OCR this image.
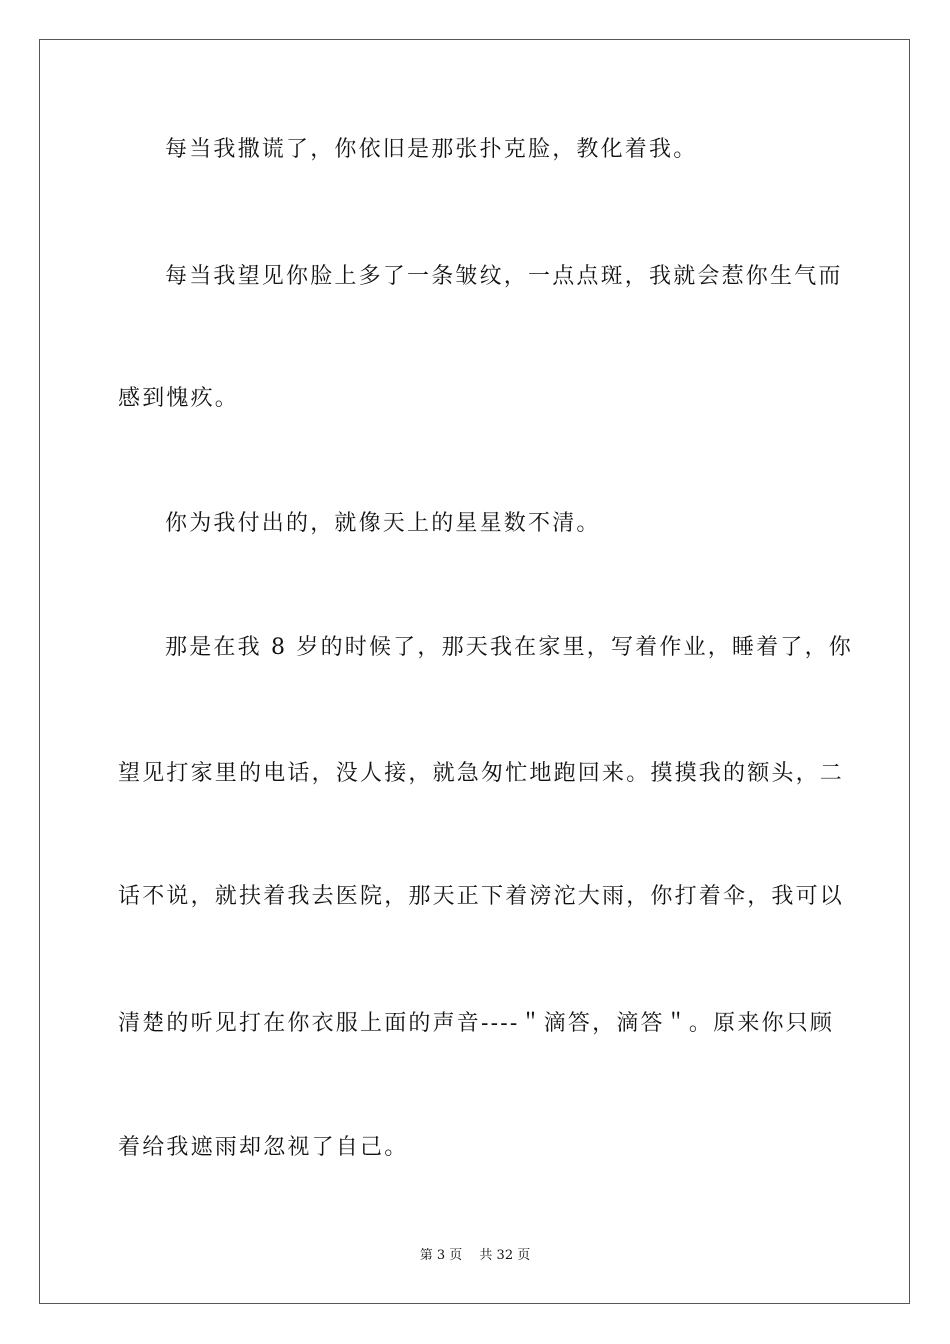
每当我撒谎了，你依旧是那张扑克脸，教化着我。
每当我望见你脸上多了一条皱纹，一点点斑，我就会惹你生气而
感到愧疚。
你为我付出的，就像天上的星星数不清。
那是在我 8 岁的时候了，那天我在家里，写着作业，睡着了，你
望见打家里的电话，没人接，就急匆忙地跑回来。摸摸我的额头，二
话不说，就扶着我去医院，那天正下着滂沱大雨，你打着伞，我可以
清楚的听见打在你衣服上面的声音----＂滴答，滴答＂。原来你只顾
着给我遮雨却忽视了自己。
第 3 页　 共 32 页
